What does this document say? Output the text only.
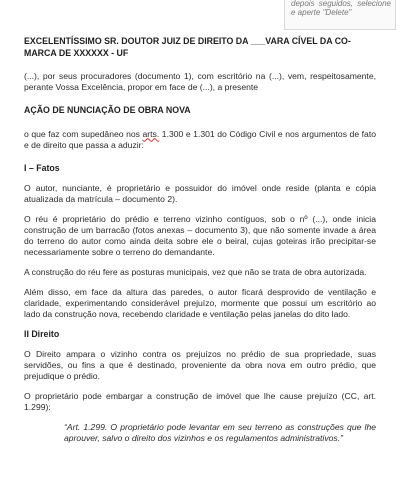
depois seguidos, selecione e aperte "Delete"

EXCELENTÍSSIMO SR. DOUTOR JUIZ DE DIREITO DA ___VARA CÍVEL DA CO-

MARCA DE XXXXXX - UF

(...), por seus procuradores (documento 1), com escritório na (...), vem, respeitosamente, perante Vossa Excelência, propor em face de (...), a presente

AÇÃO DE NUNCIAÇÃO DE OBRA NOVA

o que faz com supedâneo nos arts. 1.300 e 1.301 do Código Civil e nos argumentos de fato e de direito que passa a aduzir:

I – Fatos

O autor, nunciante, é proprietário e possuidor do imóvel onde reside (planta e cópia atualizada da matrícula – documento 2).

O réu é proprietário do prédio e terreno vizinho contíguos, sob o nº (...), onde inicia construção de um barracão (fotos anexas – documento 3), que não somente invade a área do terreno do autor como ainda deita sobre ele o beiral, cujas goteiras irão precipitar-se necessariamente sobre o terreno do demandante.

A construção do réu fere as posturas municipais, vez que não se trata de obra autorizada.

Além disso, em face da altura das paredes, o autor ficará desprovido de ventilação e claridade, experimentando considerável prejuízo, mormente que possui um escritório ao lado da construção nova, recebendo claridade e ventilação pelas janelas do dito lado.

II Direito

O Direito ampara o vizinho contra os prejuízos no prédio de sua propriedade, suas servidões, ou fins a que é destinado, proveniente da obra nova em outro prédio, que prejudique o prédio.

O proprietário pode embargar a construção de imóvel que lhe cause prejuízo (CC, art. 1.299):

“Art. 1.299. O proprietário pode levantar em seu terreno as construções que lhe aprouver, salvo o direito dos vizinhos e os regulamentos administrativos.”
